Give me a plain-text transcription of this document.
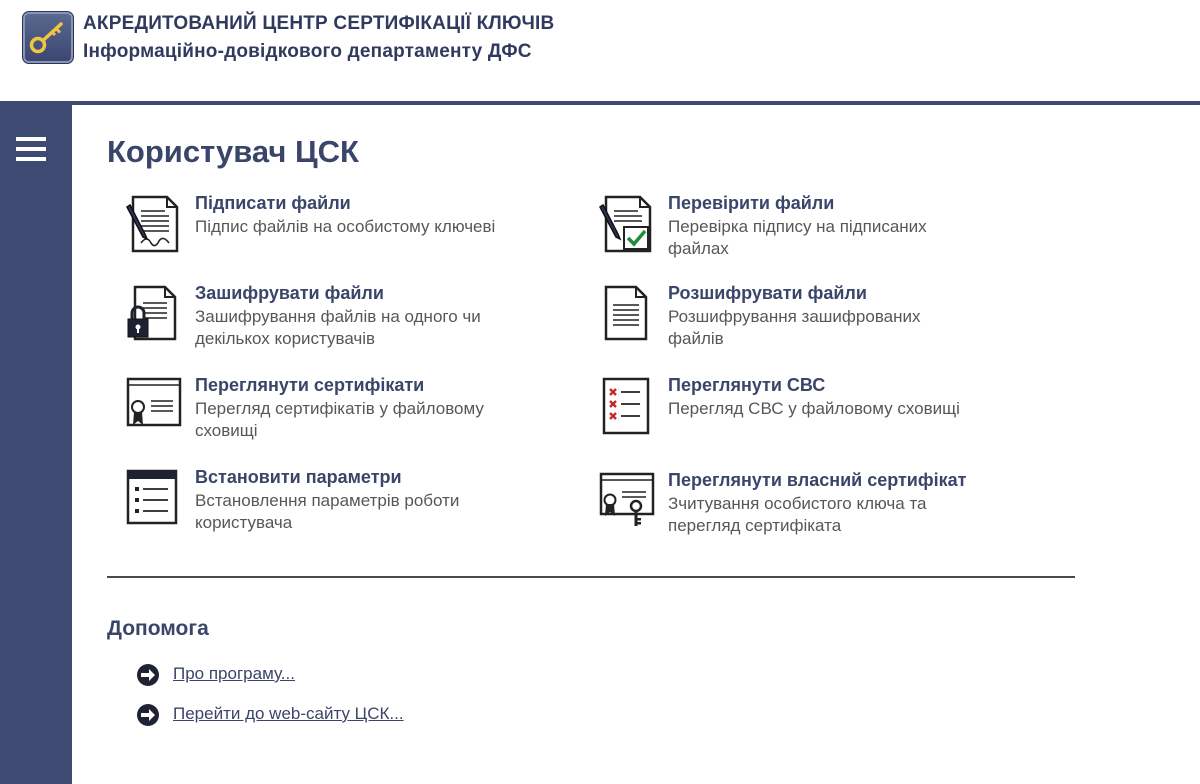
АКРЕДИТОВАНИЙ ЦЕНТР СЕРТИФІКАЦІЇ КЛЮЧІВ
Інформаційно-довідкового департаменту ДФС
Користувач ЦСК
Підписати файли
Підпис файлів на особистому ключеві
Перевірити файли
Перевірка підпису на підписаних файлах
Зашифрувати файли
Зашифрування файлів на одного чи декількох користувачів
Розшифрувати файли
Розшифрування зашифрованих файлів
Переглянути сертифікати
Перегляд сертифікатів у файловому сховищі
Переглянути СВС
Перегляд СВС у файловому сховищі
Встановити параметри
Встановлення параметрів роботи користувача
Переглянути власний сертифікат
Зчитування особистого ключа та перегляд сертифіката
Допомога
Про програму...
Перейти до web-сайту ЦСК...
